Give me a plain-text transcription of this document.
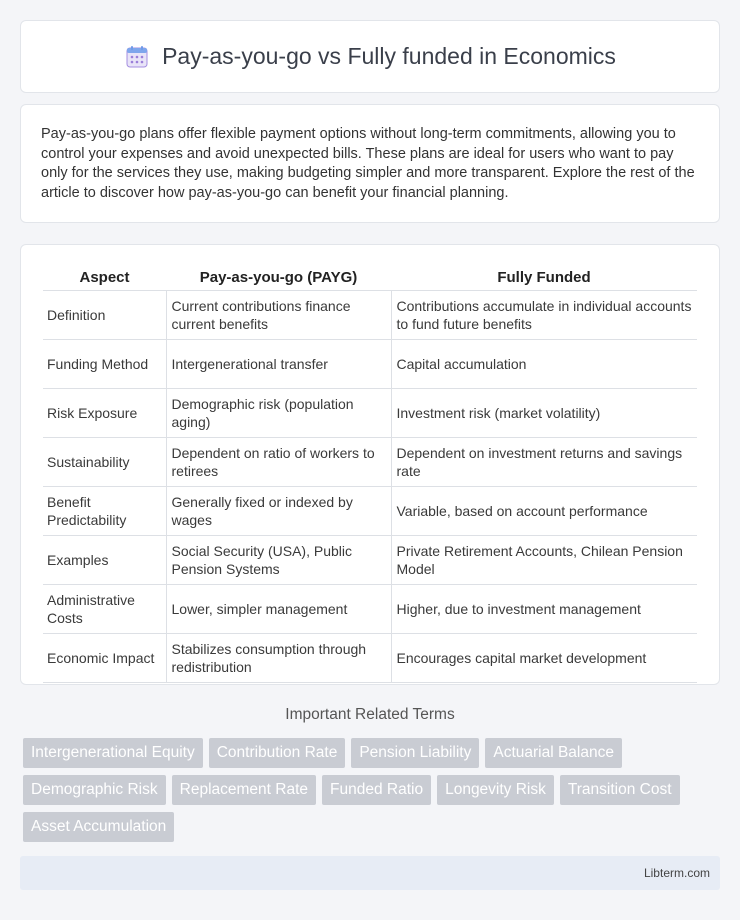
Pay-as-you-go vs Fully funded in Economics

Pay-as-you-go plans offer flexible payment options without long-term commitments, allowing you to control your expenses and avoid unexpected bills. These plans are ideal for users who want to pay only for the services they use, making budgeting simpler and more transparent. Explore the rest of the article to discover how pay-as-you-go can benefit your financial planning.

Aspect	Pay-as-you-go (PAYG)	Fully Funded
Definition	Current contributions finance current benefits	Contributions accumulate in individual accounts to fund future benefits
Funding Method	Intergenerational transfer	Capital accumulation
Risk Exposure	Demographic risk (population aging)	Investment risk (market volatility)
Sustainability	Dependent on ratio of workers to retirees	Dependent on investment returns and savings rate
Benefit Predictability	Generally fixed or indexed by wages	Variable, based on account performance
Examples	Social Security (USA), Public Pension Systems	Private Retirement Accounts, Chilean Pension Model
Administrative Costs	Lower, simpler management	Higher, due to investment management
Economic Impact	Stabilizes consumption through redistribution	Encourages capital market development
Important Related Terms
Intergenerational Equity	Contribution Rate	Pension Liability	Actuarial Balance
Demographic Risk	Replacement Rate	Funded Ratio	Longevity Risk	Transition Cost
Asset Accumulation
Libterm.com
